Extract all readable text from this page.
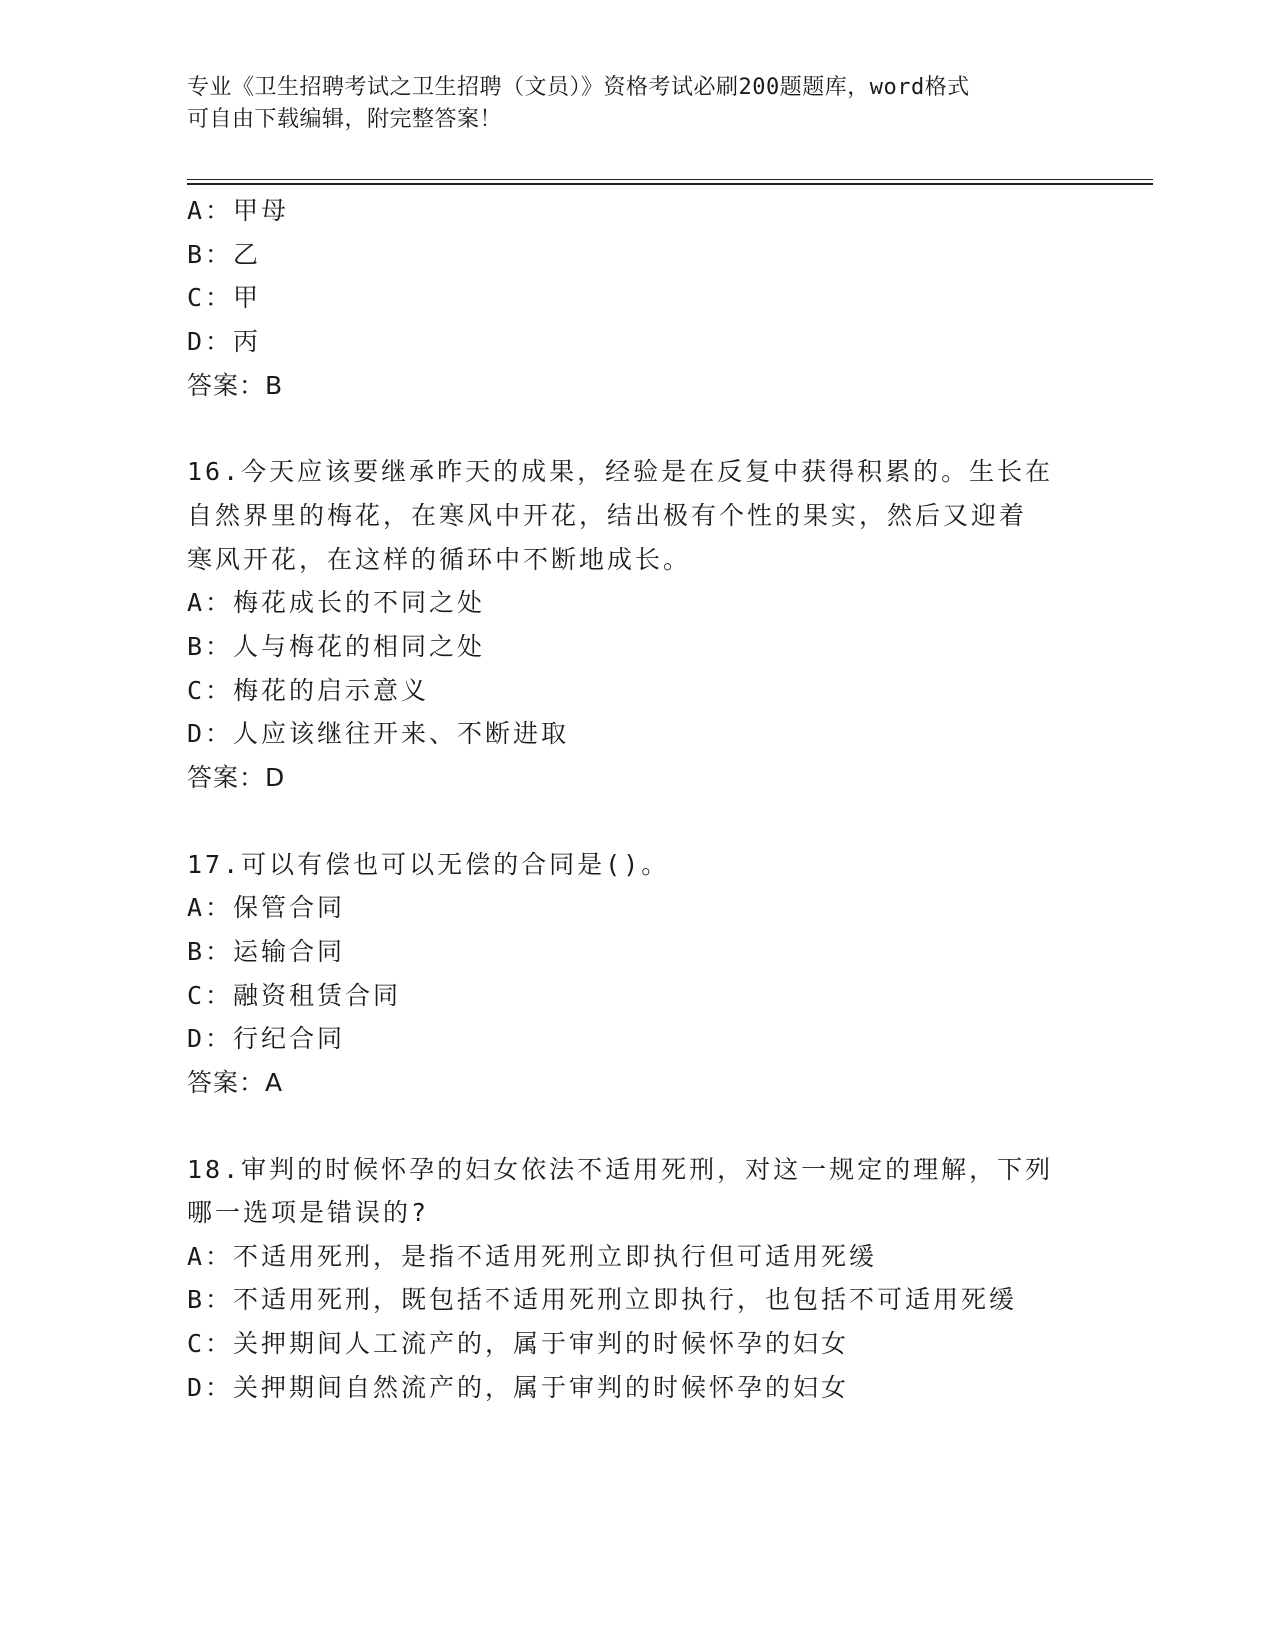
专业《卫生招聘考试之卫生招聘（文员）》资格考试必刷200题题库，word格式
可自由下载编辑，附完整答案！
A：甲母
B：乙
C：甲
D：丙
答案：B
16.今天应该要继承昨天的成果，经验是在反复中获得积累的。生长在
自然界里的梅花，在寒风中开花，结出极有个性的果实，然后又迎着
寒风开花，在这样的循环中不断地成长。
A：梅花成长的不同之处
B：人与梅花的相同之处
C：梅花的启示意义
D：人应该继往开来、不断进取
答案：D
17.可以有偿也可以无偿的合同是()。
A：保管合同
B：运输合同
C：融资租赁合同
D：行纪合同
答案：A
18.审判的时候怀孕的妇女依法不适用死刑，对这一规定的理解，下列
哪一选项是错误的?
A：不适用死刑，是指不适用死刑立即执行但可适用死缓
B：不适用死刑，既包括不适用死刑立即执行，也包括不可适用死缓
C：关押期间人工流产的，属于审判的时候怀孕的妇女
D：关押期间自然流产的，属于审判的时候怀孕的妇女
